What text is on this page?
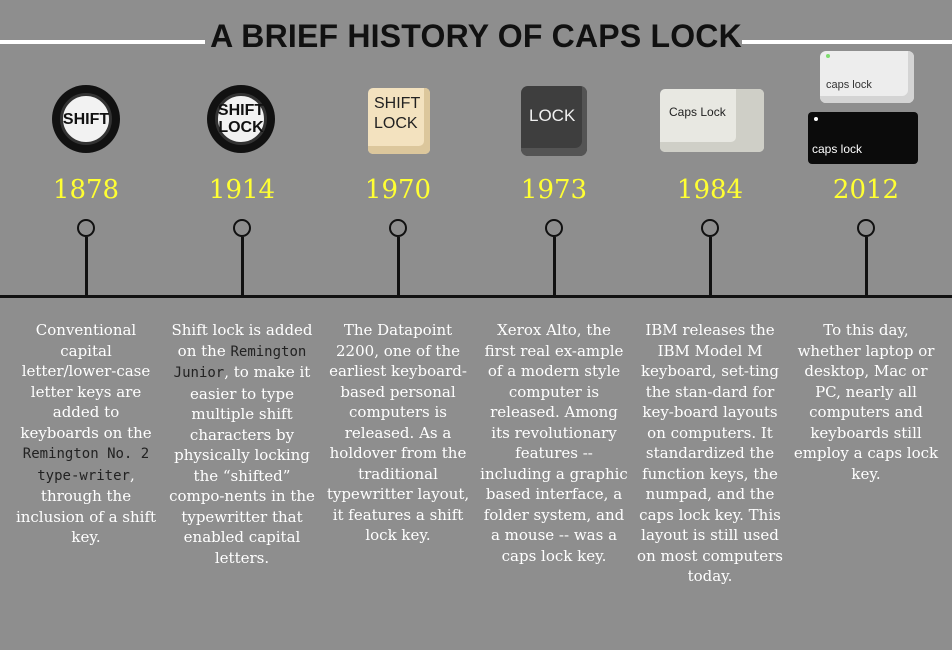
A BRIEF HISTORY OF CAPS LOCK
SHIFT	SHIFT
LOCK
SHIFT
LOCK	LOCK	Caps Lock
caps lock
caps lock
1878
Conventional capital letter/lower-case letter keys are added to keyboards on the Remington No. 2 type-writer, through the inclusion of a shift key.
1914
Shift lock is added on the Remington Junior, to make it easier to type multiple shift characters by physically locking the “shifted” compo-nents in the typewritter that enabled capital letters.
1970
The Datapoint 2200, one of the earliest keyboard-based personal computers is released. As a holdover from the traditional typewritter layout, it features a shift lock key.
1973
Xerox Alto, the first real ex-ample of a modern style computer is released. Among its revolutionary features -- including a graphic based interface, a folder system, and a mouse -- was a caps lock key.
1984
IBM releases the IBM Model M keyboard, set-ting the stan-dard for key-board layouts on computers. It standardized the function keys, the numpad, and the caps lock key. This layout is still used on most computers today.
2012
To this day, whether laptop or desktop, Mac or PC, nearly all computers and keyboards still employ a caps lock key.
